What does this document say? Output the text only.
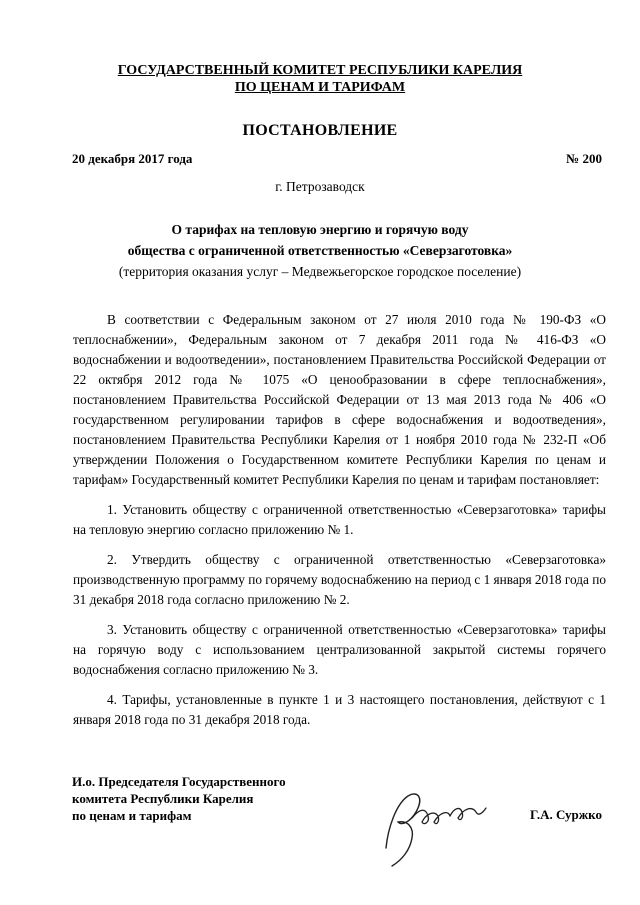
ГОСУДАРСТВЕННЫЙ КОМИТЕТ РЕСПУБЛИКИ КАРЕЛИЯ
ПО ЦЕНАМ И ТАРИФАМ
ПОСТАНОВЛЕНИЕ
20 декабря 2017 года	№ 200
г. Петрозаводск
О тарифах на тепловую энергию и горячую воду
общества с ограниченной ответственностью «Северзаготовка»
(территория оказания услуг – Медвежьегорское городское поселение)

В соответствии с Федеральным законом от 27 июля 2010 года № 190-ФЗ «О теплоснабжении», Федеральным законом от 7 декабря 2011 года № 416-ФЗ «О водоснабжении и водоотведении», постановлением Правительства Российской Федерации от 22 октября 2012 года № 1075 «О ценообразовании в сфере теплоснабжения», постановлением Правительства Российской Федерации от 13 мая 2013 года № 406 «О государственном регулировании тарифов в сфере водоснабжения и водоотведения», постановлением Правительства Республики Карелия от 1 ноября 2010 года № 232-П «Об утверждении Положения о Государственном комитете Республики Карелия по ценам и тарифам» Государственный комитет Республики Карелия по ценам и тарифам постановляет:

1. Установить обществу с ограниченной ответственностью «Северзаготовка» тарифы на тепловую энергию согласно приложению № 1.

2. Утвердить обществу с ограниченной ответственностью «Северзаготовка» производственную программу по горячему водоснабжению на период с 1 января 2018 года по 31 декабря 2018 года согласно приложению № 2.

3. Установить обществу с ограниченной ответственностью «Северзаготовка» тарифы на горячую воду с использованием централизованной закрытой системы горячего водоснабжения согласно приложению № 3.

4. Тарифы, установленные в пункте 1 и 3 настоящего постановления, действуют с 1 января 2018 года по 31 декабря 2018 года.

И.о. Председателя Государственного
комитета Республики Карелия
по ценам и тарифам	Г.А. Суржко
